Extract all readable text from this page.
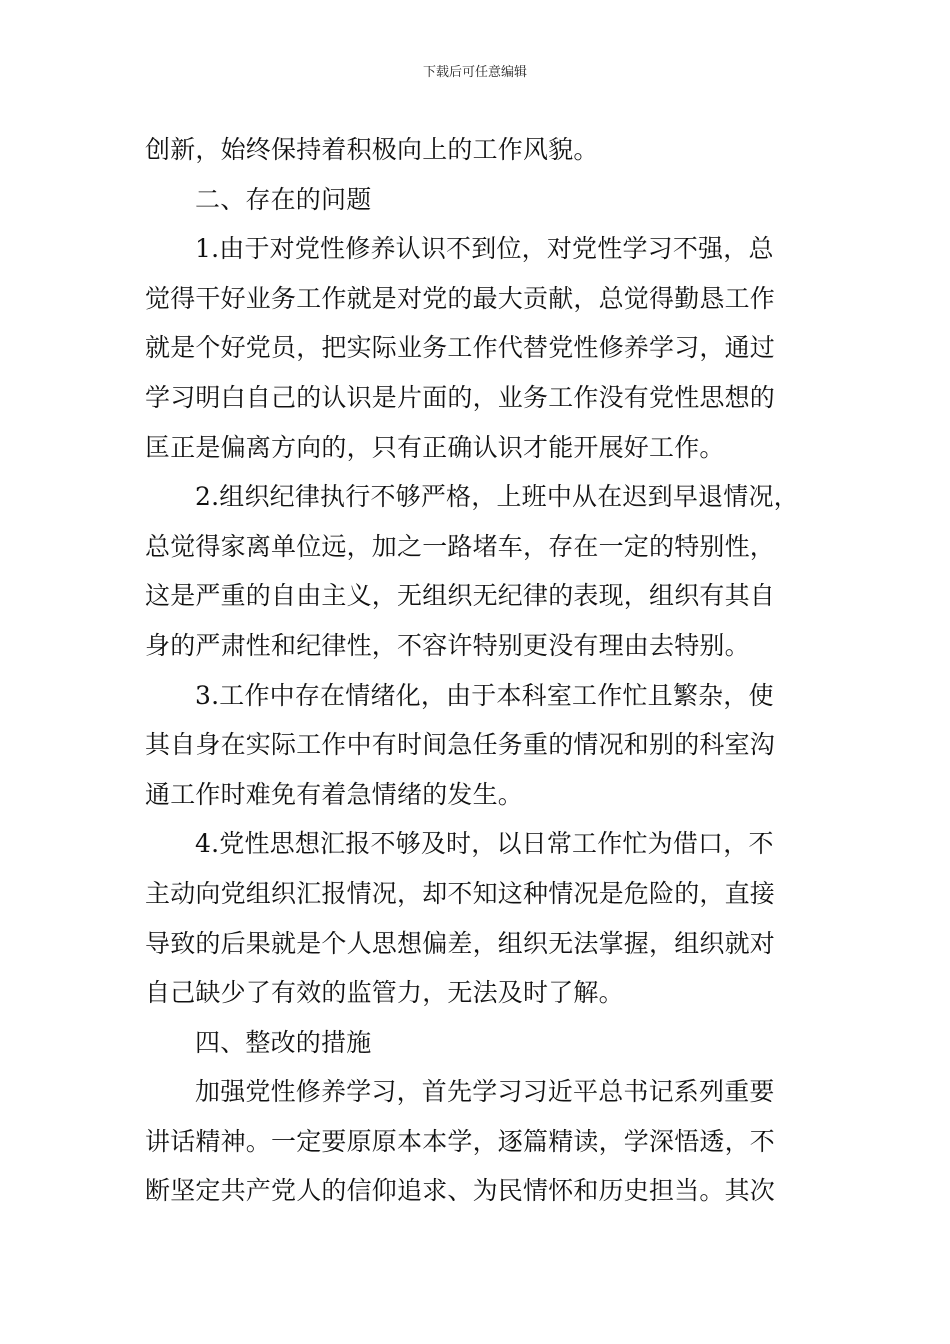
下载后可任意编辑
创新，始终保持着积极向上的工作风貌。
二、存在的问题
1.由于对党性修养认识不到位，对党性学习不强，总
觉得干好业务工作就是对党的最大贡献，总觉得勤恳工作
就是个好党员，把实际业务工作代替党性修养学习，通过
学习明白自己的认识是片面的，业务工作没有党性思想的
匡正是偏离方向的，只有正确认识才能开展好工作。
2.组织纪律执行不够严格，上班中从在迟到早退情况，
总觉得家离单位远，加之一路堵车，存在一定的特别性，
这是严重的自由主义，无组织无纪律的表现，组织有其自
身的严肃性和纪律性，不容许特别更没有理由去特别。
3.工作中存在情绪化，由于本科室工作忙且繁杂，使
其自身在实际工作中有时间急任务重的情况和别的科室沟
通工作时难免有着急情绪的发生。
4.党性思想汇报不够及时，以日常工作忙为借口，不
主动向党组织汇报情况，却不知这种情况是危险的，直接
导致的后果就是个人思想偏差，组织无法掌握，组织就对
自己缺少了有效的监管力，无法及时了解。
四、整改的措施
加强党性修养学习，首先学习习近平总书记系列重要
讲话精神。一定要原原本本学，逐篇精读，学深悟透，不
断坚定共产党人的信仰追求、为民情怀和历史担当。其次
